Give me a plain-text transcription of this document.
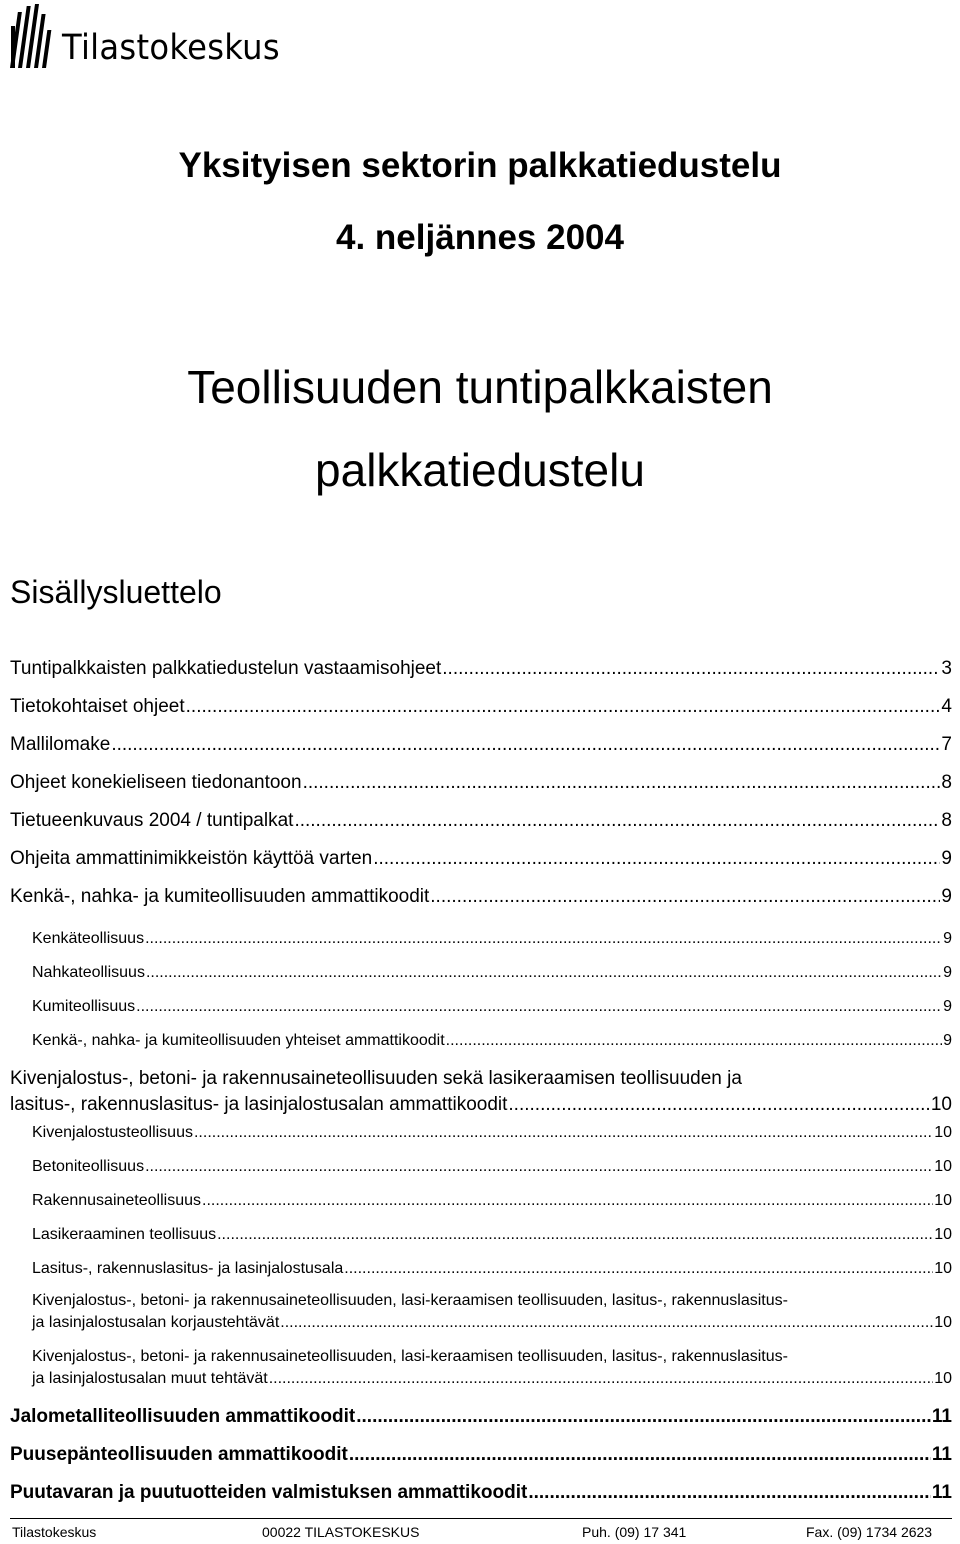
Tilastokeskus
Yksityisen sektorin palkkatiedustelu
4. neljännes 2004
Teollisuuden tuntipalkkaisten
palkkatiedustelu
Sisällysluettelo
Tuntipalkkaisten palkkatiedustelun vastaamisohjeet .....	3
Tietokohtaiset ohjeet .....	4
Mallilomake .....	7
Ohjeet konekieliseen tiedonantoon .....	8
Tietueenkuvaus 2004 / tuntipalkat .....	8
Ohjeita ammattinimikkeistön käyttöä varten .....	9
Kenkä-, nahka- ja kumiteollisuuden ammattikoodit .....	9
Kenkäteollisuus .....	9
Nahkateollisuus .....	9
Kumiteollisuus .....	9
Kenkä-, nahka- ja kumiteollisuuden yhteiset ammattikoodit .....	9
Kivenjalostus-, betoni- ja rakennusaineteollisuuden sekä lasikeraamisen teollisuuden ja
lasitus-, rakennuslasitus- ja lasinjalostusalan ammattikoodit .....	10
Kivenjalostusteollisuus .....	10
Betoniteollisuus .....	10
Rakennusaineteollisuus .....	10
Lasikeraaminen teollisuus .....	10
Lasitus-, rakennuslasitus- ja lasinjalostusala .....	10
Kivenjalostus-, betoni- ja rakennusaineteollisuuden, lasi-keraamisen teollisuuden, lasitus-, rakennuslasitus-
ja lasinjalostusalan korjaustehtävät .....	10
Kivenjalostus-, betoni- ja rakennusaineteollisuuden, lasi-keraamisen teollisuuden, lasitus-, rakennuslasitus-
ja lasinjalostusalan muut tehtävät .....	10
Jalometalliteollisuuden ammattikoodit .....	11
Puusepänteollisuuden ammattikoodit .....	11
Puutavaran ja puutuotteiden valmistuksen ammattikoodit .....	11
Tilastokeskus	00022 TILASTOKESKUS	Puh. (09) 17 341	Fax. (09) 1734 2623
